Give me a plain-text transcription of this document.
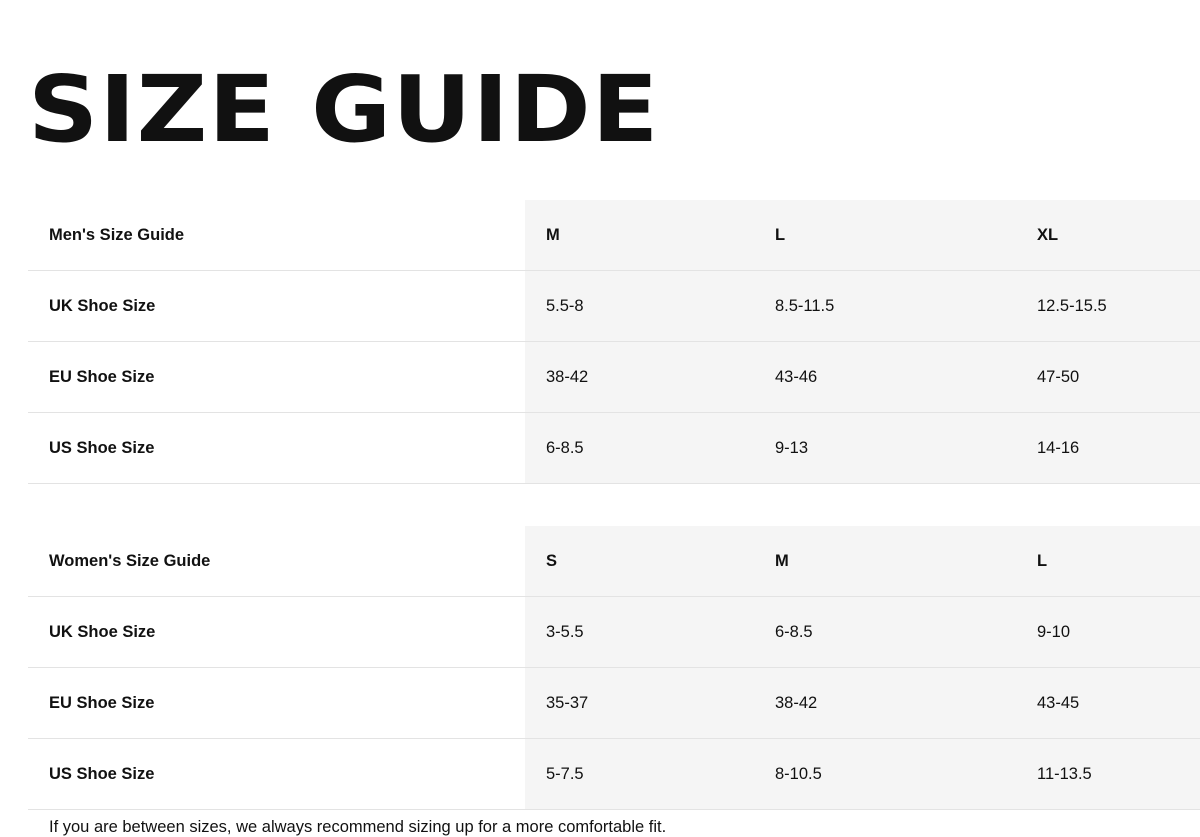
SIZE GUIDE
Men's Size Guide	M	L	XL
UK Shoe Size	5.5-8	8.5-11.5	12.5-15.5
EU Shoe Size	38-42	43-46	47-50
US Shoe Size	6-8.5	9-13	14-16
Women's Size Guide	S	M	L
UK Shoe Size	3-5.5	6-8.5	9-10
EU Shoe Size	35-37	38-42	43-45
US Shoe Size	5-7.5	8-10.5	11-13.5
If you are between sizes, we always recommend sizing up for a more comfortable fit.
